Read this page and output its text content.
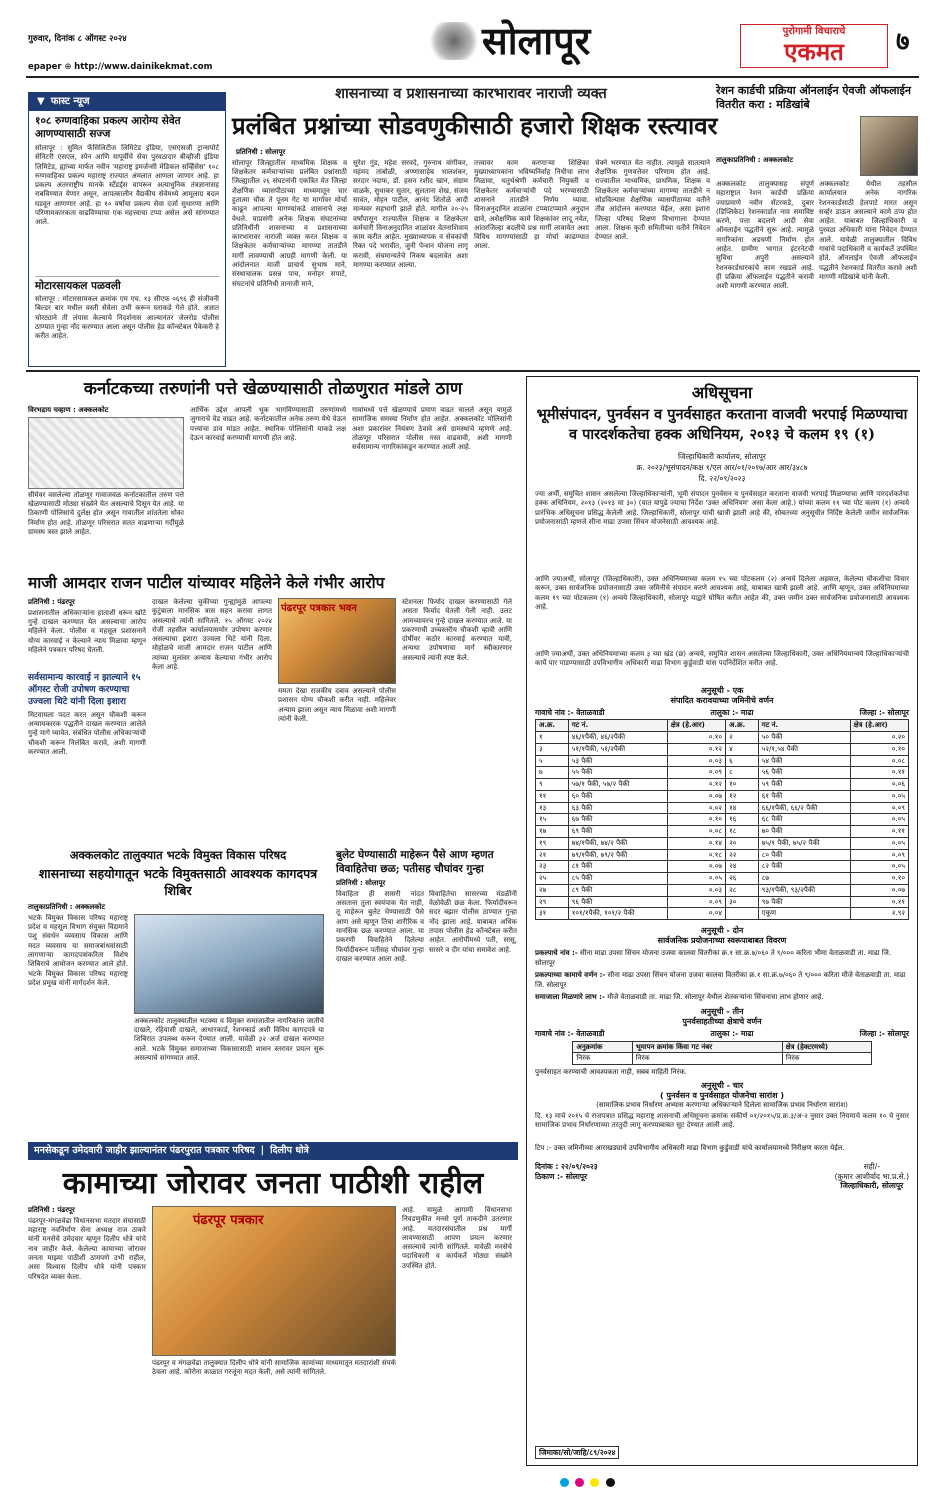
गुरुवार, दिनांक ८ ऑगस्ट २०२४
epaper ⊕ http://www.dainikekmat.com
सोलापूर	पुरोगामी विचाराचे
एकमत	७
▼ फास्ट न्यूज
१०८ रुग्णवाहिका प्रकल्प आरोग्य सेवेत आणण्यासाठी सज्ज
सोलापूर : सुमित फॅसिलिटीज लिमिटेड इंडिया, एसएसजी ट्रान्सपोर्ट सेनिटरी एसएल, स्पेन आणि यापूर्वीचे सेवा पुरवठादार बीव्हीजी इंडिया लिमिटेड, ह्यांच्या मार्फत नवीन 'महाराष्ट्र इमर्जन्सी मेडिकल सर्व्हिसेस' १०८ रुग्णवाहिका प्रकल्प महाराष्ट्र राज्यात अंमलात आणला जाणार आहे. हा प्रकल्प अंतरराष्ट्रीय मानके स्टँडर्ड्स वापरून अत्याधुनिक तंत्रज्ञानासह राबविण्यात येणार असून, आपत्कालीन वैद्यकीय सेवेमध्ये आमूलाग्र बदल घडवून आणणार आहे. हा १० वर्षांचा प्रकल्प सेवा दर्जा सुधारणा आणि परिणामकारकता वाढविण्याचा एक महत्त्वाचा टप्पा असेल असे सांगण्यात आले.
मोटारसायकल पळवली
सोलापूर : मोटारसायकल क्रमांक एम एच. १३ सीएफ ०६९६ ही संजीवनी बिल्डर बार मधील वस्ती सेवेला उभी करून घराकडे गेले होते. अज्ञात चोरट्याने ती लंपास केल्याचे निदर्शनास आल्यानंतर जेलरोड पोलीस ठाण्यात गुन्हा नोंद करण्यात आला असून पोलीस हेड कॉन्स्टेबल पैकेकरी हे करीत आहेत.
शासनाच्या व प्रशासनाच्या कारभारावर नाराजी व्यक्त
प्रलंबित प्रश्नांच्या सोडवणुकीसाठी हजारो शिक्षक रस्त्यावर
प्रतिनिधी : सोलापूर
सोलापूर जिल्ह्यातील माध्यमिक शिक्षक व शिक्षकेतर कर्मचाऱ्यांच्या प्रलंबित प्रश्नांसाठी जिल्ह्यातील २६ संघटनांनी एकत्रित येत जिल्हा शैक्षणिक व्यासपीठाच्या माध्यमातून चार हुतात्मा चौक ते पूनम गेट या मार्गावर मोर्चा काढून आपल्या मागण्यांकडे शासनाचे लक्ष वेधले. याप्रसंगी अनेक शिक्षक संघटनांच्या प्रतिनिधींनी शासनाच्या व प्रशासनाच्या कारभारावर नाराजी व्यक्त करत शिक्षक व शिक्षकेतर कर्मचाऱ्यांच्या मागण्या तातडीने मार्गी लावण्याची आग्रही मागणी केली. या आंदोलनात माजी प्राचार्य सुभाष माने, संस्थाचालक प्रसन्न पाच, मनोहर सपाटे, संघटनांचे प्रतिनिधी तानाजी माने,
सुरेश गुंड, महेश सरवदे, गुरुनाथ वांगीकर, महंमद तांबोळी, अण्णासाहेब भालशंकर, सरदार नदाफ, डॉ. हसन रशीद खान, संग्राम वाळके, सुधाकर सुतार, सुलताना शेख, संजय सावंत, मोहन पाटील, आनंद शितोळे आदी मान्यवर सहभागी झाले होते. मागील २०-२५ वर्षांपासून राज्यातील शिक्षक व शिक्षकेतर कर्मचारी विनाअनुदानित शाळांवर वेतनाशिवाय काम करीत आहेत. मुख्याध्यापक व सेवकांची रिक्त पदे भरावीत, जुनी पेन्शन योजना लागू करावी, संचमान्यतेचे निकष बदलावेत अशा मागण्या करण्यात आल्या.
तत्त्वावर काम करणाऱ्या शिक्षिका मुख्याध्यापकांना भविष्यनिर्वाह निधीचा लाभ मिळावा, चतुर्थश्रेणी कर्मचारी नियुक्ती व शिक्षकेतर कर्मचाऱ्यांची पदे भरण्यासाठी शासनाने तातडीने निर्णय घ्यावा. विनाअनुदानित शाळांना टप्प्याटप्प्याने अनुदान द्यावे, अशैक्षणिक कामे शिक्षकांवर लादू नयेत, आंतरजिल्हा बदलीचे प्रश्न मार्गी लावावेत अशा विविध मागण्यांसाठी हा मोर्चा काढण्यात आला.
चेक्ने भरण्यात येत नाहीत. त्यामुळे सातत्याने शैक्षणिक गुणवत्तेवर परिणाम होत आहे. राज्यातील माध्यमिक, प्राथमिक, शिक्षक व शिक्षकेतर कर्मचाऱ्यांच्या मागण्या तातडीने न सोडविल्यास शैक्षणिक व्यासपीठाच्या वतीने तीव्र आंदोलन करण्यात येईल, असा इशारा जिल्हा परिषद शिक्षण विभागाला देण्यात आला. शिक्षक कृती समितीच्या वतीने निवेदन देण्यात आले.
रेशन कार्डची प्रक्रिया ऑनलाईन ऐवजी ऑफलाईन वितरीत करा : मडिखांबे
तालुकाप्रतिनिधी : अक्कलकोट
अक्कलकोट तालुक्यासह संपूर्ण महाराष्ट्रात रेशन कार्डची प्रक्रिया ज्याप्रमाणे नवीन सेंटरकडे, दुबार (डिप्लिकेट) रेशनकार्डात नाव समाविष्ट करणे, पत्ता बदलणे आदी सेवा ऑनलाईन पद्धतीने सुरू आहे. त्यामुळे नागरिकांना अडचणी निर्माण होत आहेत. ग्रामीण भागात इंटरनेटची सुविधा अपुरी असल्याने रेशनकार्डधारकांचे काम रखडले आहे. ही प्रक्रिया ऑफलाईन पद्धतीने करावी अशी मागणी करण्यात आली.
अक्कलकोट येथील तहसील कार्यालयात अनेक नागरिक रेशनकार्डसाठी हेलपाटे मारत असून सर्व्हर डाऊन असल्याने कामे ठप्प होत आहेत. याबाबत जिल्हाधिकारी व पुरवठा अधिकारी यांना निवेदन देण्यात आले. यावेळी तालुक्यातील विविध गावांचे पदाधिकारी व कार्यकर्ते उपस्थित होते. ऑनलाईन ऐवजी ऑफलाईन पद्धतीने रेशनकार्ड वितरीत करावे अशी मागणी मडिखांबे यांनी केली.
कर्नाटकच्या तरुणांनी पत्ते खेळण्यासाठी तोळणुरात मांडले ठाण
विरभद्राय चव्हाण : अक्कलकोट
सीमेवर वसलेल्या तोळणूर गावाजवळ कर्नाटकातील तरुण पत्ते खेळण्यासाठी मोठ्या संख्येने येत असल्याचे दिसून येत आहे. या ठिकाणी पोलिसांचे दुर्लक्ष होत असून गावातील शांततेला धोका निर्माण होत आहे. तोळणूर परिसरात सतत वाढणाऱ्या गर्दीमुळे ग्रामस्थ त्रस्त झाले आहेत.
आर्थिक उद्देश आपली भूक भागविण्यासाठी तरुणांमध्ये जुगाराचे वेड वाढत आहे. कर्नाटकातील अनेक तरुण येथे येऊन पत्त्यांचा डाव मांडत आहेत. स्थानिक पोलिसांनी याकडे लक्ष देऊन कारवाई करण्याची मागणी होत आहे.
गावांमध्ये पत्ते खेळण्याचे प्रमाण वाढत चालले असून यामुळे सामाजिक समस्या निर्माण होत आहेत. अक्कलकोट पोलिसांनी अशा प्रकारांवर नियंत्रण ठेवावे असे ग्रामस्थांचे म्हणणे आहे. तोळणूर परिसरात पोलीस गस्त वाढवावी, अशी मागणी सर्वसामान्य नागरिकांकडून करण्यात आली आहे.
माजी आमदार राजन पाटील यांच्यावर महिलेने केले गंभीर आरोप
प्रतिनिधी : पंढरपूर
प्रशासनातील अधिकाऱ्यांना हाताशी धरून खोटे गुन्हे दाखल करण्यात येत असल्याचा आरोप महिलेने केला. पोलीस व महसूल प्रशासनाने योग्य कारवाई न केल्याने न्याय मिळावा म्हणून महिलेने पत्रकार परिषद घेतली.
सर्वसामान्य कारवाई न झाल्याने १५ ऑगस्ट रोजी उपोषण करण्याचा उज्वला थिटे यांनी दिला इशारा
मिटवायला पदत करत असून चौकशी करून अन्यायकारक पद्धतीने दाखल करण्यात आलेले गुन्हे मागे घ्यावेत. संबंधित पोलीस अधिकाऱ्यांची चौकशी करून निलंबित करावे, अशी मागणी करण्यात आली.
दाखल केलेल्या चुकीच्या गुन्ह्यांमुळे आपल्या कुटुंबाला मानसिक त्रास सहन करावा लागत असल्याचे त्यांनी सांगितले. १५ ऑगस्ट २०२४ रोजी तहसील कार्यालयासमोर उपोषण करणार असल्याचा इशारा उज्वला थिटे यांनी दिला. मोहोळचे माजी आमदार राजन पाटील आणि त्यांच्या मुलांवर अन्याय केल्याचा गंभीर आरोप केला आहे.
पंढरपूर पत्रकार भवन
ममता देखा राजकीय दबाव असल्याने पोलीस प्रशासन योग्य चौकशी करीत नाही. महिलेवर अन्याय झाला असून न्याय मिळावा अशी मागणी त्यांनी केली.
स्टेशनला फिर्याद दाखल करण्यासाठी गेले असता फिर्याद घेतली गेली नाही. उलट आमच्यावरच गुन्हे दाखल करण्यात आले. या प्रकरणाची उच्चस्तरीय चौकशी व्हावी आणि दोषींवर कठोर कारवाई करण्यात यावी, अन्यथा उपोषणाचा मार्ग स्वीकारणार असल्याचे त्यांनी स्पष्ट केले.
अक्कलकोट तालुक्यात भटके विमुक्त विकास परिषद
शासनाच्या सहयोगातून भटके विमुक्तसाठी आवश्यक कागदपत्र शिबिर
तालुकाप्रतिनिधी : अक्कलकोट
भटके विमुक्त विकास परिषद महाराष्ट्र प्रदेश व महसूल विभाग संयुक्त विद्यमाने पशु संवर्धन व्यवसाय विकास आणि मदत व्यवसाय या समाजबांधवांसाठी लागणाऱ्या कागदपत्रांकरिता विशेष शिबिराचे आयोजन करण्यात आले होते. भटके विमुक्त विकास परिषद महाराष्ट्र प्रदेश प्रमुख यांनी मार्गदर्शन केले.
अक्कलकोट तालुक्यातील भटक्या व विमुक्त समाजातील नागरिकांना जातीचे दाखले, रहिवासी दाखले, आधारकार्ड, रेशनकार्ड अशी विविध कागदपत्रे या शिबिरात उपलब्ध करून देण्यात आली. यावेळी ३२ अर्ज दाखल करण्यात आले. भटके विमुक्त समाजाच्या विकासासाठी शासन स्तरावर प्रयत्न सुरू असल्याचे सांगण्यात आले.
बुलेट घेण्यासाठी माहेरून पैसे आण म्हणत विवाहितेचा छळ; पतीसह चौघांवर गुन्हा
प्रतिनिधी : सोलापूर
विवाहिता ही सासरी नांदत असताना तुला स्वयंपाक येत नाही, तू माहेरून बुलेट घेण्यासाठी पैसे आण असे म्हणून तिचा शारीरिक व मानसिक छळ करण्यात आला. या प्रकरणी विवाहितेने दिलेल्या फिर्यादीवरून पतीसह चौघांवर गुन्हा दाखल करण्यात आला आहे.
विवाहितेचा सासरच्या मंडळींनी वेळोवेळी छळ केला. फिर्यादीवरून सदर बझार पोलीस ठाण्यात गुन्हा नोंद झाला आहे. याबाबत अधिक तपास पोलीस हेड कॉन्स्टेबल करीत आहेत. आरोपींमध्ये पती, सासू, सासरे व दीर यांचा समावेश आहे.
मनसेकडून उमेदवारी जाहीर झाल्यानंतर पंढरपुरात पत्रकार परिषद | दिलीप धोत्रे
कामाच्या जोरावर जनता पाठीशी राहील
प्रतिनिधी : पंढरपूर
पंढरपूर-मंगळवेढा विधानसभा मतदार संघासाठी महाराष्ट्र नवनिर्माण सेना अध्यक्ष राज ठाकरे यांनी मनसेचे उमेदवार म्हणून दिलीप धोत्रे यांचे नाव जाहीर केले. केलेल्या कामाच्या जोरावर जनता माझ्या पाठीशी ठामपणे उभी राहील, असा विश्वास दिलीप धोत्रे यांनी पत्रकार परिषदेत व्यक्त केला.
पंढरपूर पत्रकार
पंढरपूर व मंगळवेढा तालुक्यात दिलीप धोत्रे यांनी सामाजिक कामांच्या माध्यमातून मतदारांशी संपर्क ठेवला आहे. कोरोना काळात गरजूंना मदत केली, असे त्यांनी सांगितले.
आहे. यामुळे आगामी विधानसभा निवडणुकीत मनसे पूर्ण ताकदीने उतरणार आहे. मतदारसंघातील प्रश्न मार्गी लावण्यासाठी आपण प्रयत्न करणार असल्याचे त्यांनी सांगितले. यावेळी मनसेचे पदाधिकारी व कार्यकर्ते मोठ्या संख्येने उपस्थित होते.
अधिसूचना
भूमीसंपादन, पुनर्वसन व पुनर्वसाहत करताना वाजवी भरपाई मिळण्याचा व पारदर्शकतेचा हक्क अधिनियम, २०१३ चे कलम १९ (१)
जिल्हाधिकारी कार्यालय, सोलापूर
क्र. २०२३/भूसंपादन/कक्ष १/एल आर/०१/२०१७/आर आर/३४८७
दि. २२/०९/२०२३
ज्या अर्थी, समुचित शासन असलेल्या जिल्हाधिकाऱ्यांनी, भूमी संपादन पुनर्वसन व पुनर्वसाहत करताना वाजवी भरपाई मिळण्याचा आणि पारदर्शकतेचा हक्क अधिनियम, २०१३ (२०१३ चा ३०) (यात यापुढे ज्याचा निर्देश 'उक्त अधिनियम' असा केला आहे.) यांच्या कलम ११ च्या पोट कलम (१) अन्वये प्रारंभिक अधिसूचना प्रसिद्ध केलेली आहे. जिल्हाधिकारी, सोलापूर यांची खात्री झाली आहे की, सोबतच्या अनुसूचीत निर्दिष्ट केलेली जमीन सार्वजनिक प्रयोजनासाठी म्हणजे सीना माढा उपसा सिंचन योजनेसाठी आवश्यक आहे.
आणि ज्याअर्थी, सोलापूर (जिल्हाधिकारी), उक्त अधिनियमाच्या कलम १५ च्या पोटकलम (२) अन्वये दिलेला अहवाल, केलेल्या चौकशीचा विचार करून, उक्त सार्वजनिक प्रयोजनासाठी उक्त जमिनीचे संपादन करणे आवश्यक आहे, याबाबत खात्री झाली आहे. आणि म्हणून, उक्त अधिनियमाच्या कलम १९ च्या पोटकलम (१) अन्वये जिल्हाधिकारी, सोलापूर याद्वारे घोषित करीत आहेत की, उक्त जमीन उक्त सार्वजनिक प्रयोजनासाठी आवश्यक आहे.
आणि ज्याअर्थी, उक्त अधिनियमाच्या कलम ३ च्या खंड (छ) अन्वये, समुचित शासन असलेल्या जिल्हाधिकारी, उक्त अधिनियमान्वये जिल्हाधिकाऱ्यांची कार्ये पार पाडण्यासाठी उपविभागीय अधिकारी माढा विभाग कुर्डुवाडी यांस पदनिर्देशित करीत आहे.
अनुसूची - एक
संपादित करावयाच्या जमिनीचे वर्णन
गावाचे नांव :- वेताळवाडी	तालुका :- माढा	जिल्हा :- सोलापूर
अ.क्र.	गट नं.	क्षेत्र (हे.आर)	अ.क्र.	गट नं.	क्षेत्र (हे.आर)
१	४६/१पैकी, ४६/२पैकी	०.१०	२	५० पैकी	०.२०
३	५१/१पैकी, ५१/२पैकी	०.१२	४	५२/१,५४ पैकी	०.१०
५	५३ पैकी	०.०३	६	५४ पैकी	०.०८
७	५५ पैकी	०.०९	८	५६ पैकी	०.११
९	५७/१ पैकी, ५७/२ पैकी	०.१२	१०	५९ पैकी	०.०६
११	६० पैकी	०.०७	१२	६१ पैकी	०.०५
१३	६३ पैकी	०.०२	१४	६६/१पैकी, ६६/२ पैकी	०.०९
१५	६७ पैकी	०.१०	१६	६८ पैकी	०.०५
१७	६९ पैकी	०.०८	१८	७० पैकी	०.११
१९	७४/१पैकी, ७४/२ पैकी	०.१४	२०	७५/१ पैकी, ७५/२ पैकी	०.०५
२१	७९/१पैकी, ७९/२ पैकी	०.१८	२२	८० पैकी	०.०९
२३	८१ पैकी	०.०७	२४	८२ पैकी	०.०५
२५	८५ पैकी	०.०५	२६	८७	०.१०
२७	८९ पैकी	०.०३	२८	९३/१पैकी, ९३/२पैकी	०.०७
२९	९६ पैकी	०.०९	३०	९७ पैकी	०.११
३१	१०१/१पैकी, १०१/२ पैकी	०.०४		एकूण	२.९२
अनुसूची - दोन
सार्वजनिक प्रयोजनाच्या स्वरूपाबाबत विवरण
प्रकल्पाचे नांव :- सीना माढा उपसा सिंचन योजना उजवा कालवा वितरीका क्र.१ सा.क्र.७/०६० ते ९/००० करिता भीमा वेताळवाडी ता. माढा जि. सोलापूर
प्रकल्पाच्या कामाचे वर्णन :- सीना माढा उपसा सिंचन योजना उजवा कालवा वितरीका क्र.१ सा.क्र.७/०६० ते ९/००० करिता मौजे वेताळवाडी ता. माढा जि. सोलापूर
समाजाला मिळणारे लाभ :- मौजे वेताळवाडी ता. माढा जि. सोलापूर येथील शेतकऱ्यांना सिंचनाचा लाभ होणार आहे.
अनुसूची - तीन
पुनर्वसाहतीच्या क्षेत्राचे वर्णन
गावाचे नांव :- वेताळवाडी	तालुका :- माढा	जिल्हा :- सोलापूर
अनुक्रमांक	भूमापन क्रमांक किंवा गट नंबर	क्षेत्र (हेक्टरमध्ये)
निरंक	निरंक	निरंक
पुनर्वसाहत करण्याची आवश्यकता नाही, सबब माहिती निरंक.
अनुसूची - चार
( पुनर्वसन व पुनर्वसाहत योजनेचा सारांश )
(सामाजिक प्रभाव निर्धारण अभ्यास करणाऱ्या अधिकाऱ्याने दिलेला सामाजिक प्रभाव निर्धारण सारांश)
दि. १३ मार्च २०१५ चे राजपत्रात प्रसिद्ध महाराष्ट्र शासनाची अधिसूचना क्रमांक संकीर्ण ०१/२०१५/प्र.क्र.३/अ-२ नुसार उक्त नियमाचे कलम १० चे नुसार सामाजिक प्रभाव निर्धारणाच्या तरतुदी लागू करण्याबाबत सूट देण्यात आली आहे.
टिप :- उक्त जमिनीच्या आराखड्याचे उपविभागीय अधिकारी माढा विभाग कुर्डुवाडी यांचे कार्यालयामध्ये निरीक्षण करता येईल.
दिनांक : २२/०९/२०२३
ठिकाण :- सोलापूर
सही/-
(कुमार आशीर्वाद भा.प्र.से.)
जिल्हाधिकारी, सोलापूर
जिमाका/सो/जाहि/८९/२०२४
